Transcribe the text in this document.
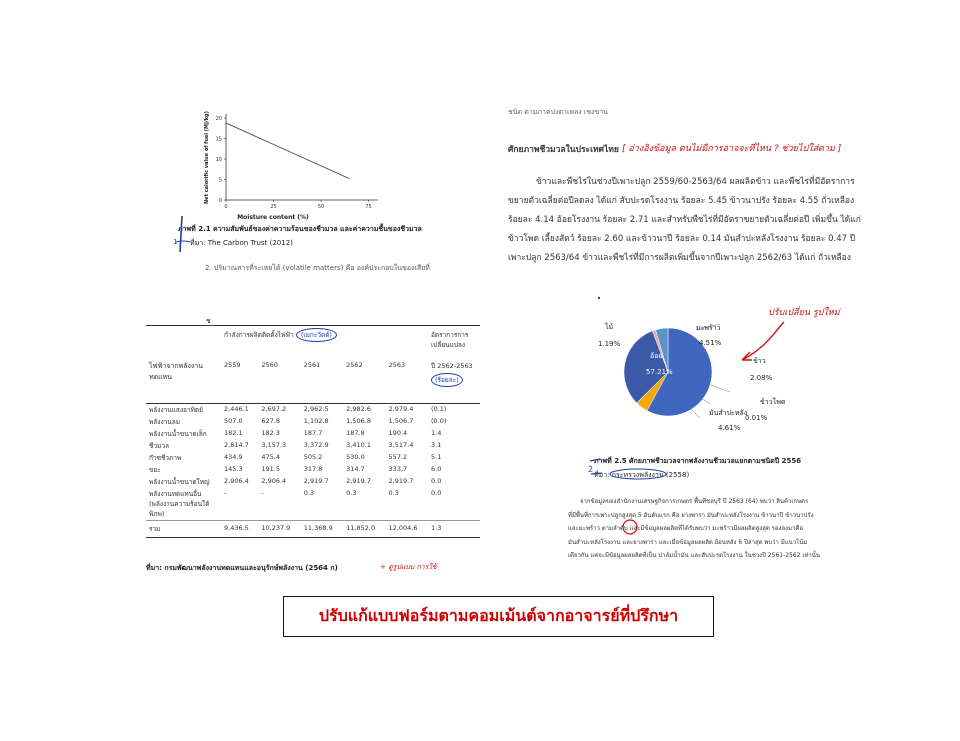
Net calorific value of fuel (MJ/kg)
0	25	50	75
0
5
10
15
20
Moisture content (%)
ภาพที่ 2.1 ความสัมพันธ์ของค่าความร้อนของชีวมวล และค่าความชื้นของชีวมวล
ที่มา: The Carbon Trust (2012)
2. ปริมาณสารที่ระเหยได้ (volatile matters) คือ องค์ประกอบในของเสียที่
1
ชนิด ตามภาคปงตาเพลง เชงขาน
ศักยภาพชีวมวลในประเทศไทย [ อ่างอิงข้อมูล ตนไม่มีการอาจจะที่ไหน ? ช่วยไปใส่ตาม ]
ข้าวและพืชไร่ในช่วงปีเพาะปลูก 2559/60-2563/64 ผลผลิตข้าว และพืชไร่ที่มีอัตราการ
ขยายตัวเฉลี่ยต่อปีลดลง ได้แก่ สับปะรดโรงงาน ร้อยละ 5.45 ข้าวนาปรัง ร้อยละ 4.55 ถั่วเหลือง
ร้อยละ 4.14 อ้อยโรงงาน ร้อยละ 2.71 และสำหรับพืชไร่ที่มีอัตราขยายตัวเฉลี่ยต่อปี เพิ่มขึ้น ได้แก่
ข้าวโพด เลี้ยงสัตว์ ร้อยละ 2.60 และข้าวนาปี ร้อยละ 0.14 มันสำปะหลังโรงงาน ร้อยละ 0.47 ปี
เพาะปลูก 2563/64 ข้าวและพืชไร่ที่มีการผลิตเพิ่มขึ้นจากปีเพาะปลูก 2562/63 ได้แก่ ถั่วเหลือง
ช
	กำลังการผลิตติดตั้งไฟฟ้า (เมกะวัตต์)					อัตราการการเปลี่ยนแปลง
ไฟฟ้าจากพลังงานทดแทน	2559	2560	2561	2562	2563	ปี 2562-2563
(ร้อยละ)
พลังงานแสงอาทิตย์	2,446.1	2,697.2	2,962.5	2,982.6	2,979.4	(0.1)
พลังงานลม	507.0	627.8	1,102.8	1,506.8	1,506.7	(0.0)
พลังงานน้ำขนาดเล็ก	182.1	182.3	187.7	187.8	190.4	1.4
ชีวมวล	2,814.7	3,157.3	3,372.9	3,410.1	3,517.4	3.1
ก๊าซชีวภาพ	434.9	475.4	505.2	530.0	557.2	5.1
ขยะ	145.3	191.5	317.8	314.7	333.7	6.0
พลังงานน้ำขนาดใหญ่	2,906.4	2,906.4	2,919.7	2,919.7	2,919.7	0.0
พลังงานทดแทนอื่น (พลังงานความร้อนใต้พิภพ)	-	-	0.3	0.3	0.3	0.0
รวม	9,436.5	10,237.9	11,368.9	11,852.0	12,004.6	1.3
ที่มา: กรมพัฒนาพลังงานทดแทนและอนุรักษ์พลังงาน (2564 ก)	+ ดูรูปแบบ การใช้
ไม้
1.19%
มะพร้าว
4.51%
อ้อย
57.21%
ข้าว
2.08%
ข้าวโพด
0.01%
มันสำปะหลัง
4.61%
ปรับเปลี่ยน รูปใหม่
ภาพที่ 2.5 ศักยภาพชีวมวลจากพลังงานชีวมวลแยกตามชนิดปี 2556
ที่มา: กระทรวงพลังงาน (2558)
2
จากข้อมูลของสำนักงานเศรษฐกิจการเกษตร พื้นที่ชลบุรี ปี 2563 (64) พบว่า สินค้าเกษตร
ที่มีพื้นที่การเพาะปลูกสูงสุด 5 อันดับแรก คือ ยางพารา มันสำปะหลังโรงงาน ข้าวนาปี ข้าวนาปรัง
และมะพร้าว ตามลำดับ และมีข้อมูลผลผลิตที่ได้รับพบว่า มะพร้าวมีผลผลิตสูงสุด รองลงมาคือ
มันสำปะหลังโรงงาน และยางพารา และเมื่อข้อมูลผลผลิต ย้อนหลัง 6 ปีล่าสุด พบว่า มีแนวโน้ม
เดียวกัน แต่จะมีข้อมูลผลผลิตที่เป็น ปาล์มน้ำมัน และสับปะรดโรงงาน ในช่วงปี 2561-2562 เท่านั้น
ปรับแก้แบบฟอร์มตามคอมเม้นต์จากอาจารย์ที่ปรึกษา
